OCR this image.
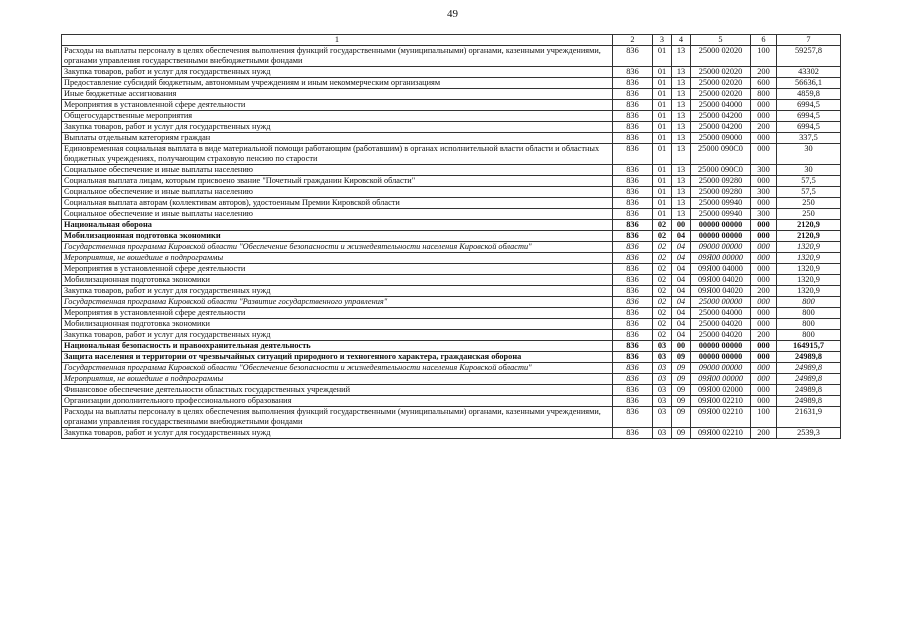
49
1	2	3	4	5	6	7
Расходы на выплаты персоналу в целях обеспечения выполнения функций государственными (муниципальными) органами, казенными учреждениями, органами управления государственными внебюджетными фондами	836	01	13	25000 02020	100	59257,8
Закупка товаров, работ и услуг для государственных нужд	836	01	13	25000 02020	200	43302
Предоставление субсидий бюджетным, автономным учреждениям и иным некоммерческим организациям	836	01	13	25000 02020	600	56636,1
Иные бюджетные ассигнования	836	01	13	25000 02020	800	4859,8
Мероприятия в установленной сфере деятельности	836	01	13	25000 04000	000	6994,5
Общегосударственные мероприятия	836	01	13	25000 04200	000	6994,5
Закупка товаров, работ и услуг для государственных нужд	836	01	13	25000 04200	200	6994,5
Выплаты отдельным категориям граждан	836	01	13	25000 09000	000	337,5
Единовременная социальная выплата в виде материальной помощи работающим (работавшим) в органах исполнительной власти области и областных бюджетных учреждениях, получающим страховую пенсию по старости	836	01	13	25000 090С0	000	30
Социальное обеспечение и иные выплаты населению	836	01	13	25000 090С0	300	30
Социальная выплата лицам, которым присвоено звание "Почетный гражданин Кировской области"	836	01	13	25000 09280	000	57,5
Социальное обеспечение и иные выплаты населению	836	01	13	25000 09280	300	57,5
Социальная выплата авторам (коллективам авторов), удостоенным Премии Кировской области	836	01	13	25000 09940	000	250
Социальное обеспечение и иные выплаты населению	836	01	13	25000 09940	300	250
Национальная оборона	836	02	00	00000 00000	000	2120,9
Мобилизационная подготовка экономики	836	02	04	00000 00000	000	2120,9
Государственная программа Кировской области "Обеспечение безопасности и жизнедеятельности населения Кировской области"	836	02	04	09000 00000	000	1320,9
Мероприятия, не вошедшие в подпрограммы	836	02	04	09Я00 00000	000	1320,9
Мероприятия в установленной сфере деятельности	836	02	04	09Я00 04000	000	1320,9
Мобилизационная подготовка экономики	836	02	04	09Я00 04020	000	1320,9
Закупка товаров, работ и услуг для государственных нужд	836	02	04	09Я00 04020	200	1320,9
Государственная программа Кировской области "Развитие государственного управления"	836	02	04	25000 00000	000	800
Мероприятия в установленной сфере деятельности	836	02	04	25000 04000	000	800
Мобилизационная подготовка экономики	836	02	04	25000 04020	000	800
Закупка товаров, работ и услуг для государственных нужд	836	02	04	25000 04020	200	800
Национальная безопасность и правоохранительная деятельность	836	03	00	00000 00000	000	164915,7
Защита населения и территории от чрезвычайных ситуаций природного и техногенного характера, гражданская оборона	836	03	09	00000 00000	000	24989,8
Государственная программа Кировской области "Обеспечение безопасности и жизнедеятельности населения Кировской области"	836	03	09	09000 00000	000	24989,8
Мероприятия, не вошедшие в подпрограммы	836	03	09	09Я00 00000	000	24989,8
Финансовое обеспечение деятельности областных государственных учреждений	836	03	09	09Я00 02000	000	24989,8
Организации дополнительного профессионального образования	836	03	09	09Я00 02210	000	24989,8
Расходы на выплаты персоналу в целях обеспечения выполнения функций государственными (муниципальными) органами, казенными учреждениями, органами управления государственными внебюджетными фондами	836	03	09	09Я00 02210	100	21631,9
Закупка товаров, работ и услуг для государственных нужд	836	03	09	09Я00 02210	200	2539,3
